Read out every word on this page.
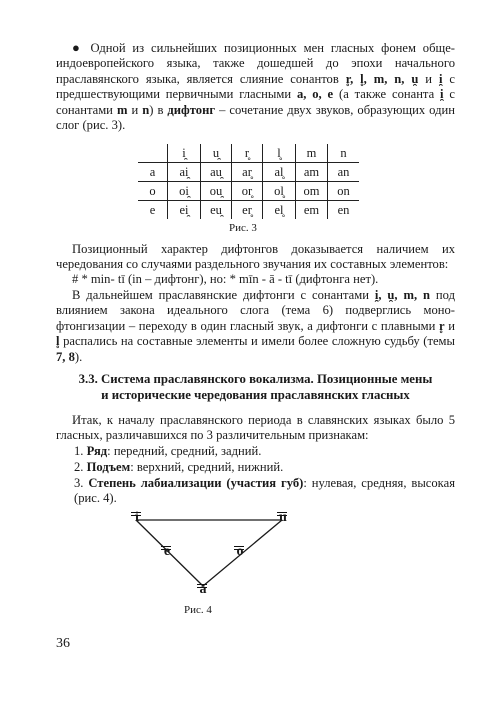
● Одной из сильнейших позиционных мен гласных фонем обще-индоевропейского языка, также дошедшей до эпохи начального праславянского языка, является слияние сонантов r̥, l̥, m, n, u̯ и i̯ с предшествующими первичными гласными a, o, e (а также сонанта i̯ с сонантами m и n) в дифтонг – сочетание двух звуков, образующих один слог (рис. 3).

	i̯	u̯	r̥	l̥	m	n
a	ai̯	au̯	ar̥	al̥	am	an
o	oi̯	ou̯	or̥	ol̥	om	on
e	ei̯	eu̯	er̥	el̥	em	en
Рис. 3

Позиционный характер дифтонгов доказывается наличием их чередования со случаями раздельного звучания их составных элементов:

# * min- tī (in – дифтонг), но: * mīn - ā - tī (дифтонга нет).

В дальнейшем праславянские дифтонги с сонантами i̯, u̯, m, n под влиянием закона идеального слога (тема 6) подверглись моно-фтонгизации – переходу в один гласный звук, а дифтонги с плавными r̥ и l̥ распались на составные элементы и имели более сложную судьбу (темы 7, 8).

3.3. Система праславянского вокализма. Позиционные мены

и исторические чередования праславянских гласных

Итак, к началу праславянского периода в славянских языках было 5 гласных, различавшихся по 3 различительным признакам:

1. Ряд: передний, средний, задний.
2. Подъем: верхний, средний, нижний.

3. Степень лабиализации (участия губ): нулевая, средняя, высокая (рис. 4).

i	u
e	o
a
Рис. 4
36
